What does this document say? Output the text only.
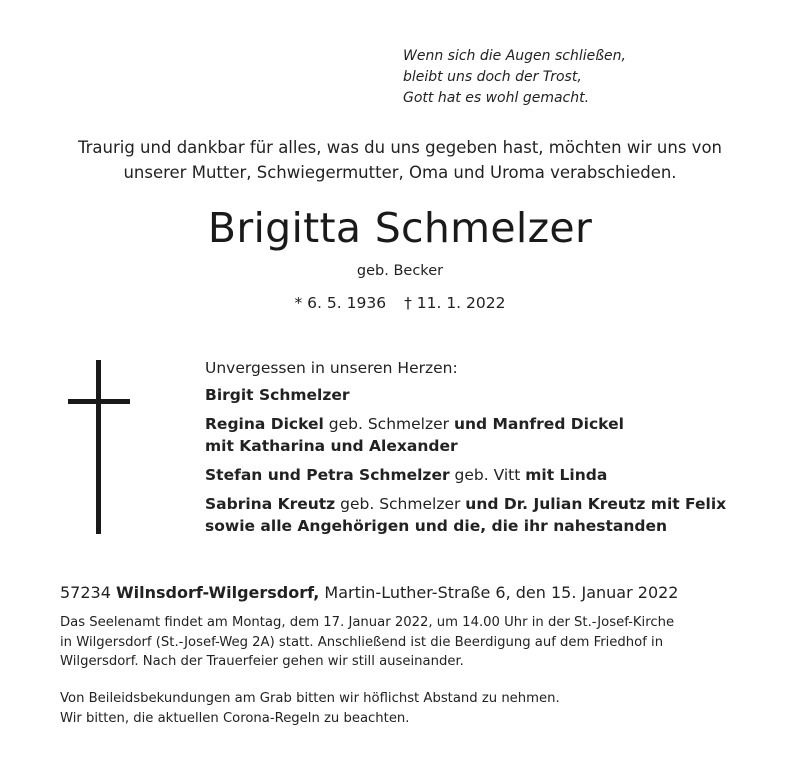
Wenn sich die Augen schließen,
bleibt uns doch der Trost,
Gott hat es wohl gemacht.
Traurig und dankbar für alles, was du uns gegeben hast, möchten wir uns von
unserer Mutter, Schwiegermutter, Oma und Uroma verabschieden.
Brigitta Schmelzer
geb. Becker
* 6. 5. 1936 † 11. 1. 2022
Unvergessen in unseren Herzen:
Birgit Schmelzer
Regina Dickel geb. Schmelzer und Manfred Dickel
mit Katharina und Alexander
Stefan und Petra Schmelzer geb. Vitt mit Linda
Sabrina Kreutz geb. Schmelzer und Dr. Julian Kreutz mit Felix
sowie alle Angehörigen und die, die ihr nahestanden
57234 Wilnsdorf-Wilgersdorf, Martin-Luther-Straße 6, den 15. Januar 2022
Das Seelenamt findet am Montag, dem 17. Januar 2022, um 14.00 Uhr in der St.-Josef-Kirche
in Wilgersdorf (St.-Josef-Weg 2A) statt. Anschließend ist die Beerdigung auf dem Friedhof in
Wilgersdorf. Nach der Trauerfeier gehen wir still auseinander.
Von Beileidsbekundungen am Grab bitten wir höflichst Abstand zu nehmen.
Wir bitten, die aktuellen Corona-Regeln zu beachten.
